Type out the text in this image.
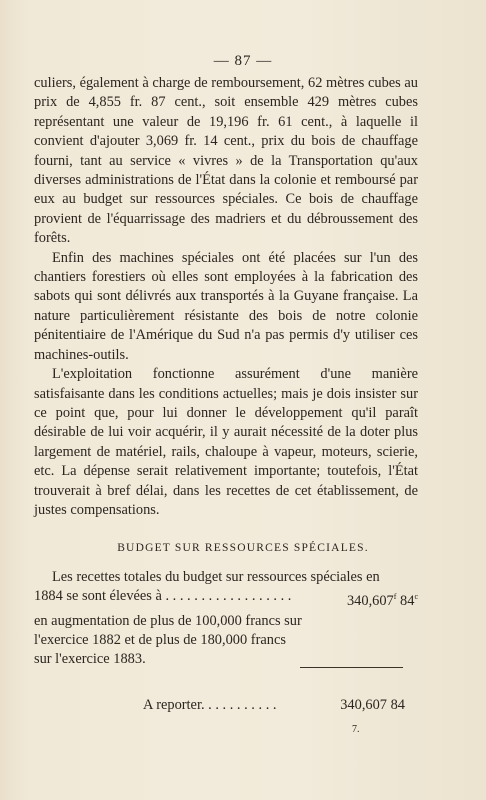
— 87 —

culiers, également à charge de remboursement, 62 mètres cubes au prix de 4,855 fr. 87 cent., soit ensemble 429 mètres cubes représentant une valeur de 19,196 fr. 61 cent., à laquelle il convient d'ajouter 3,069 fr. 14 cent., prix du bois de chauffage fourni, tant au service « vivres » de la Transportation qu'aux diverses administrations de l'État dans la colonie et remboursé par eux au budget sur ressources spéciales. Ce bois de chauffage provient de l'équarrissage des madriers et du débroussement des forêts.

Enfin des machines spéciales ont été placées sur l'un des chantiers forestiers où elles sont employées à la fabrication des sabots qui sont délivrés aux transportés à la Guyane française. La nature particulièrement résistante des bois de notre colonie pénitentiaire de l'Amérique du Sud n'a pas permis d'y utiliser ces machines-outils.

L'exploitation fonctionne assurément d'une manière satisfaisante dans les conditions actuelles; mais je dois insister sur ce point que, pour lui donner le développement qu'il paraît désirable de lui voir acquérir, il y aurait nécessité de la doter plus largement de matériel, rails, chaloupe à vapeur, moteurs, scierie, etc. La dépense serait relativement importante; toutefois, l'État trouverait à bref délai, dans les recettes de cet établissement, de justes compensations.

BUDGET SUR RESSOURCES SPÉCIALES.

Les recettes totales du budget sur ressources spéciales en

1884 se sont élevées à . . . . . . . . . . . . . . . . . .	340,607$^f$ 84$^c$

en augmentation de plus de 100,000 francs sur

l'exercice 1882 et de plus de 180,000 francs

sur l'exercice 1883.

A reporter. . . . . . . . . . .	340,607 84
7.
